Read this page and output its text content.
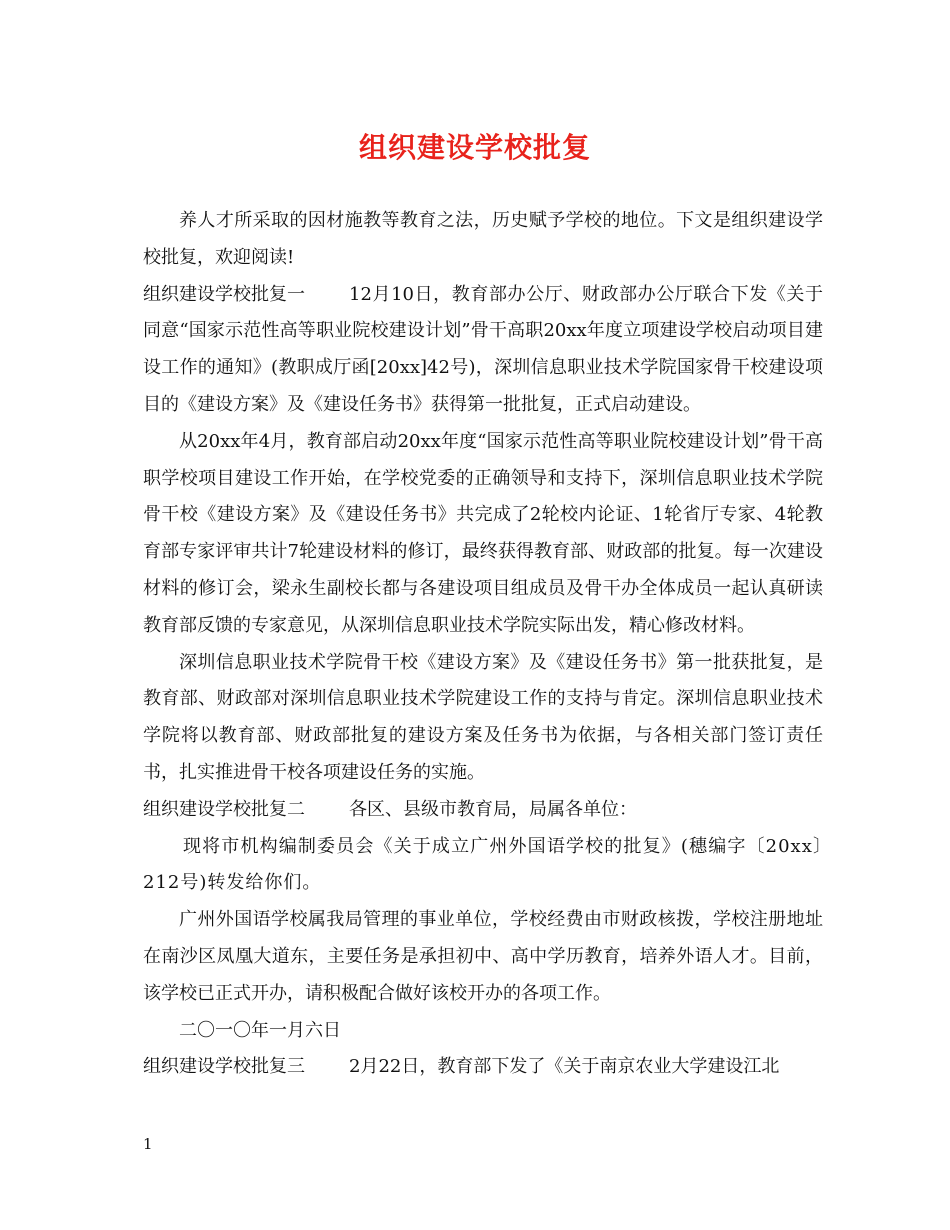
组织建设学校批复

养人才所采取的因材施教等教育之法，历史赋予学校的地位。下文是组织建设学校批复，欢迎阅读!

组织建设学校批复一 12月10日，教育部办公厅、财政部办公厅联合下发《关于同意“国家示范性高等职业院校建设计划”骨干高职20xx年度立项建设学校启动项目建设工作的通知》(教职成厅函[20xx]42号)，深圳信息职业技术学院国家骨干校建设项目的《建设方案》及《建设任务书》获得第一批批复，正式启动建设。

从20xx年4月，教育部启动20xx年度“国家示范性高等职业院校建设计划”骨干高职学校项目建设工作开始，在学校党委的正确领导和支持下，深圳信息职业技术学院骨干校《建设方案》及《建设任务书》共完成了2轮校内论证、1轮省厅专家、4轮教育部专家评审共计7轮建设材料的修订，最终获得教育部、财政部的批复。每一次建设材料的修订会，梁永生副校长都与各建设项目组成员及骨干办全体成员一起认真研读教育部反馈的专家意见，从深圳信息职业技术学院实际出发，精心修改材料。

深圳信息职业技术学院骨干校《建设方案》及《建设任务书》第一批获批复，是教育部、财政部对深圳信息职业技术学院建设工作的支持与肯定。深圳信息职业技术学院将以教育部、财政部批复的建设方案及任务书为依据，与各相关部门签订责任书，扎实推进骨干校各项建设任务的实施。

组织建设学校批复二 各区、县级市教育局，局属各单位：

现将市机构编制委员会《关于成立广州外国语学校的批复》(穗编字〔20xx〕212号)转发给你们。

广州外国语学校属我局管理的事业单位，学校经费由市财政核拨，学校注册地址在南沙区凤凰大道东，主要任务是承担初中、高中学历教育，培养外语人才。目前，该学校已正式开办，请积极配合做好该校开办的各项工作。

二〇一〇年一月六日

组织建设学校批复三 2月22日，教育部下发了《关于南京农业大学建设江北

1
